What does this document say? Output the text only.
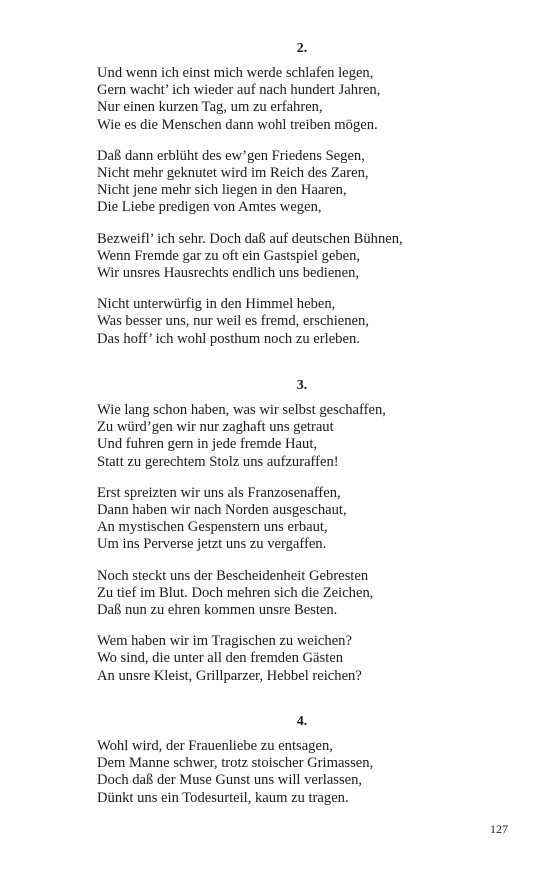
2.

Und wenn ich einst mich werde schlafen legen,

Gern wacht’ ich wieder auf nach hundert Jahren,

Nur einen kurzen Tag, um zu erfahren,

Wie es die Menschen dann wohl treiben mögen.

Daß dann erblüht des ew’gen Friedens Segen,

Nicht mehr geknutet wird im Reich des Zaren,

Nicht jene mehr sich liegen in den Haaren,

Die Liebe predigen von Amtes wegen,

Bezweifl’ ich sehr. Doch daß auf deutschen Bühnen,

Wenn Fremde gar zu oft ein Gastspiel geben,

Wir unsres Hausrechts endlich uns bedienen,

Nicht unterwürfig in den Himmel heben,

Was besser uns, nur weil es fremd, erschienen,

Das hoff’ ich wohl posthum noch zu erleben.

3.

Wie lang schon haben, was wir selbst geschaffen,

Zu würd’gen wir nur zaghaft uns getraut

Und fuhren gern in jede fremde Haut,

Statt zu gerechtem Stolz uns aufzuraffen!

Erst spreizten wir uns als Franzosenaffen,

Dann haben wir nach Norden ausgeschaut,

An mystischen Gespenstern uns erbaut,

Um ins Perverse jetzt uns zu vergaffen.

Noch steckt uns der Bescheidenheit Gebresten

Zu tief im Blut. Doch mehren sich die Zeichen,

Daß nun zu ehren kommen unsre Besten.

Wem haben wir im Tragischen zu weichen?

Wo sind, die unter all den fremden Gästen

An unsre Kleist, Grillparzer, Hebbel reichen?

4.

Wohl wird, der Frauenliebe zu entsagen,

Dem Manne schwer, trotz stoischer Grimassen,

Doch daß der Muse Gunst uns will verlassen,

Dünkt uns ein Todesurteil, kaum zu tragen.

127
